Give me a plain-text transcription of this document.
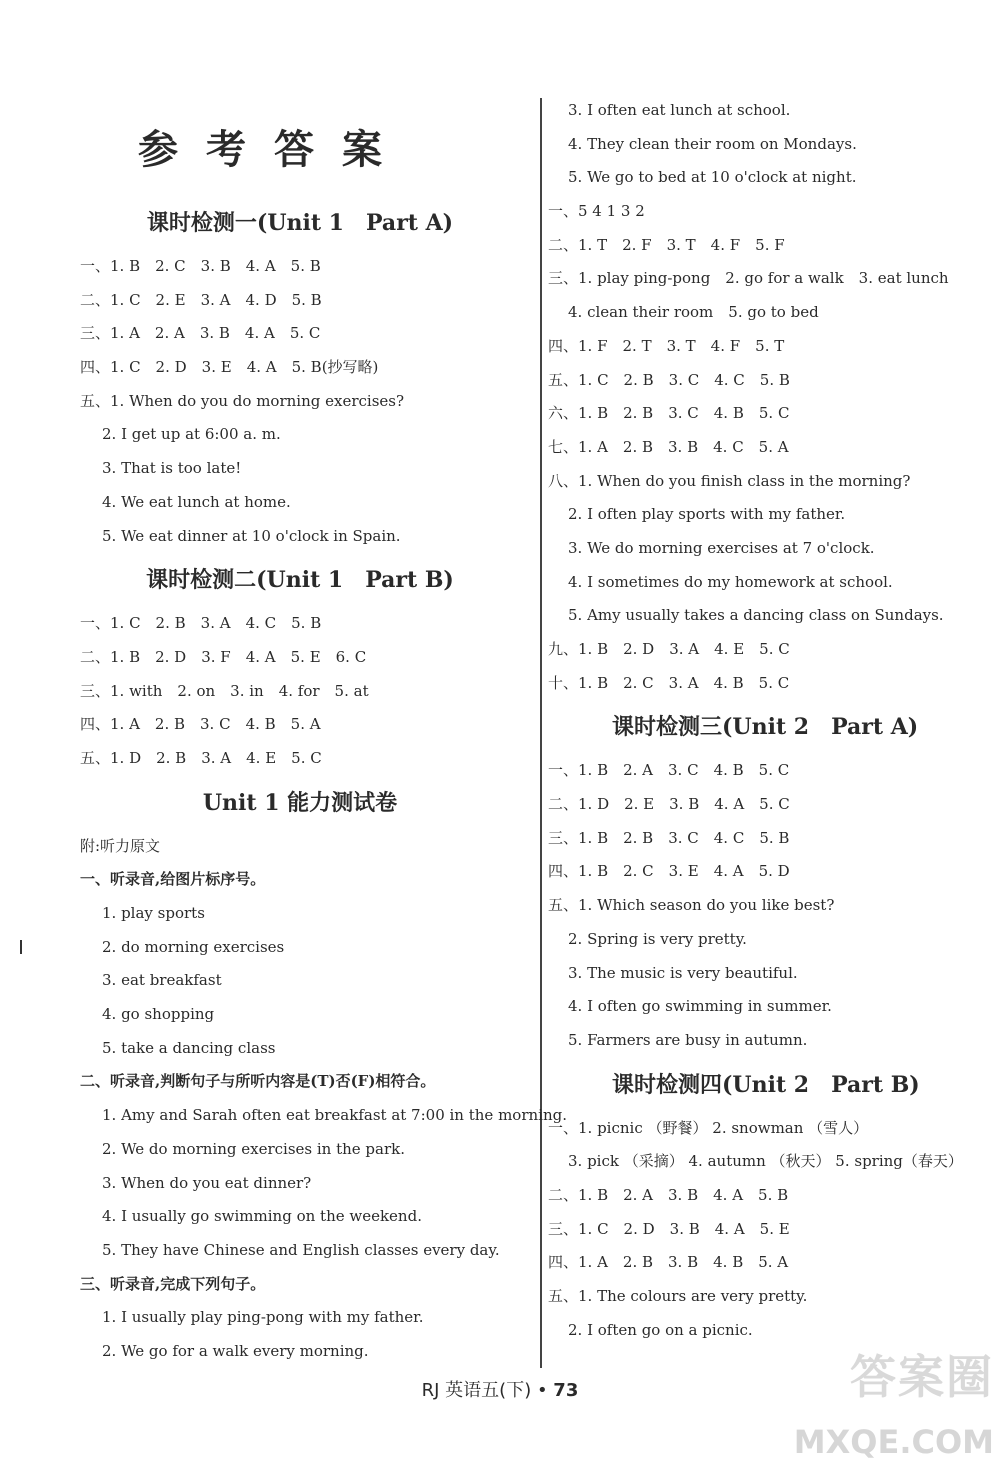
参考答案
课时检测一(Unit 1　Part A)
一、1. B　2. C　3. B　4. A　5. B
二、1. C　2. E　3. A　4. D　5. B
三、1. A　2. A　3. B　4. A　5. C
四、1. C　2. D　3. E　4. A　5. B(抄写略)
五、1. When do you do morning exercises?
2. I get up at 6:00 a. m.
3. That is too late!
4. We eat lunch at home.
5. We eat dinner at 10 o'clock in Spain.
课时检测二(Unit 1　Part B)
一、1. C　2. B　3. A　4. C　5. B
二、1. B　2. D　3. F　4. A　5. E　6. C
三、1. with　2. on　3. in　4. for　5. at
四、1. A　2. B　3. C　4. B　5. A
五、1. D　2. B　3. A　4. E　5. C
Unit 1 能力测试卷
附:听力原文
一、听录音,给图片标序号。
1. play sports
2. do morning exercises
3. eat breakfast
4. go shopping
5. take a dancing class
二、听录音,判断句子与所听内容是(T)否(F)相符合。
1. Amy and Sarah often eat breakfast at 7:00 in the morning.
2. We do morning exercises in the park.
3. When do you eat dinner?
4. I usually go swimming on the weekend.
5. They have Chinese and English classes every day.
三、听录音,完成下列句子。
1. I usually play ping-pong with my father.
2. We go for a walk every morning.
3. I often eat lunch at school.
4. They clean their room on Mondays.
5. We go to bed at 10 o'clock at night.
一、5 4 1 3 2
二、1. T　2. F　3. T　4. F　5. F
三、1. play ping-pong　2. go for a walk　3. eat lunch
4. clean their room　5. go to bed
四、1. F　2. T　3. T　4. F　5. T
五、1. C　2. B　3. C　4. C　5. B
六、1. B　2. B　3. C　4. B　5. C
七、1. A　2. B　3. B　4. C　5. A
八、1. When do you finish class in the morning?
2. I often play sports with my father.
3. We do morning exercises at 7 o'clock.
4. I sometimes do my homework at school.
5. Amy usually takes a dancing class on Sundays.
九、1. B　2. D　3. A　4. E　5. C
十、1. B　2. C　3. A　4. B　5. C
课时检测三(Unit 2　Part A)
一、1. B　2. A　3. C　4. B　5. C
二、1. D　2. E　3. B　4. A　5. C
三、1. B　2. B　3. C　4. C　5. B
四、1. B　2. C　3. E　4. A　5. D
五、1. Which season do you like best?
2. Spring is very pretty.
3. The music is very beautiful.
4. I often go swimming in summer.
5. Farmers are busy in autumn.
课时检测四(Unit 2　Part B)
一、1. picnic （野餐） 2. snowman （雪人）
3. pick （采摘） 4. autumn （秋天） 5. spring（春天）
二、1. B　2. A　3. B　4. A　5. B
三、1. C　2. D　3. B　4. A　5. E
四、1. A　2. B　3. B　4. B　5. A
五、1. The colours are very pretty.
2. I often go on a picnic.
RJ 英语五(下) • 73	答案圈
MXQE.COM
